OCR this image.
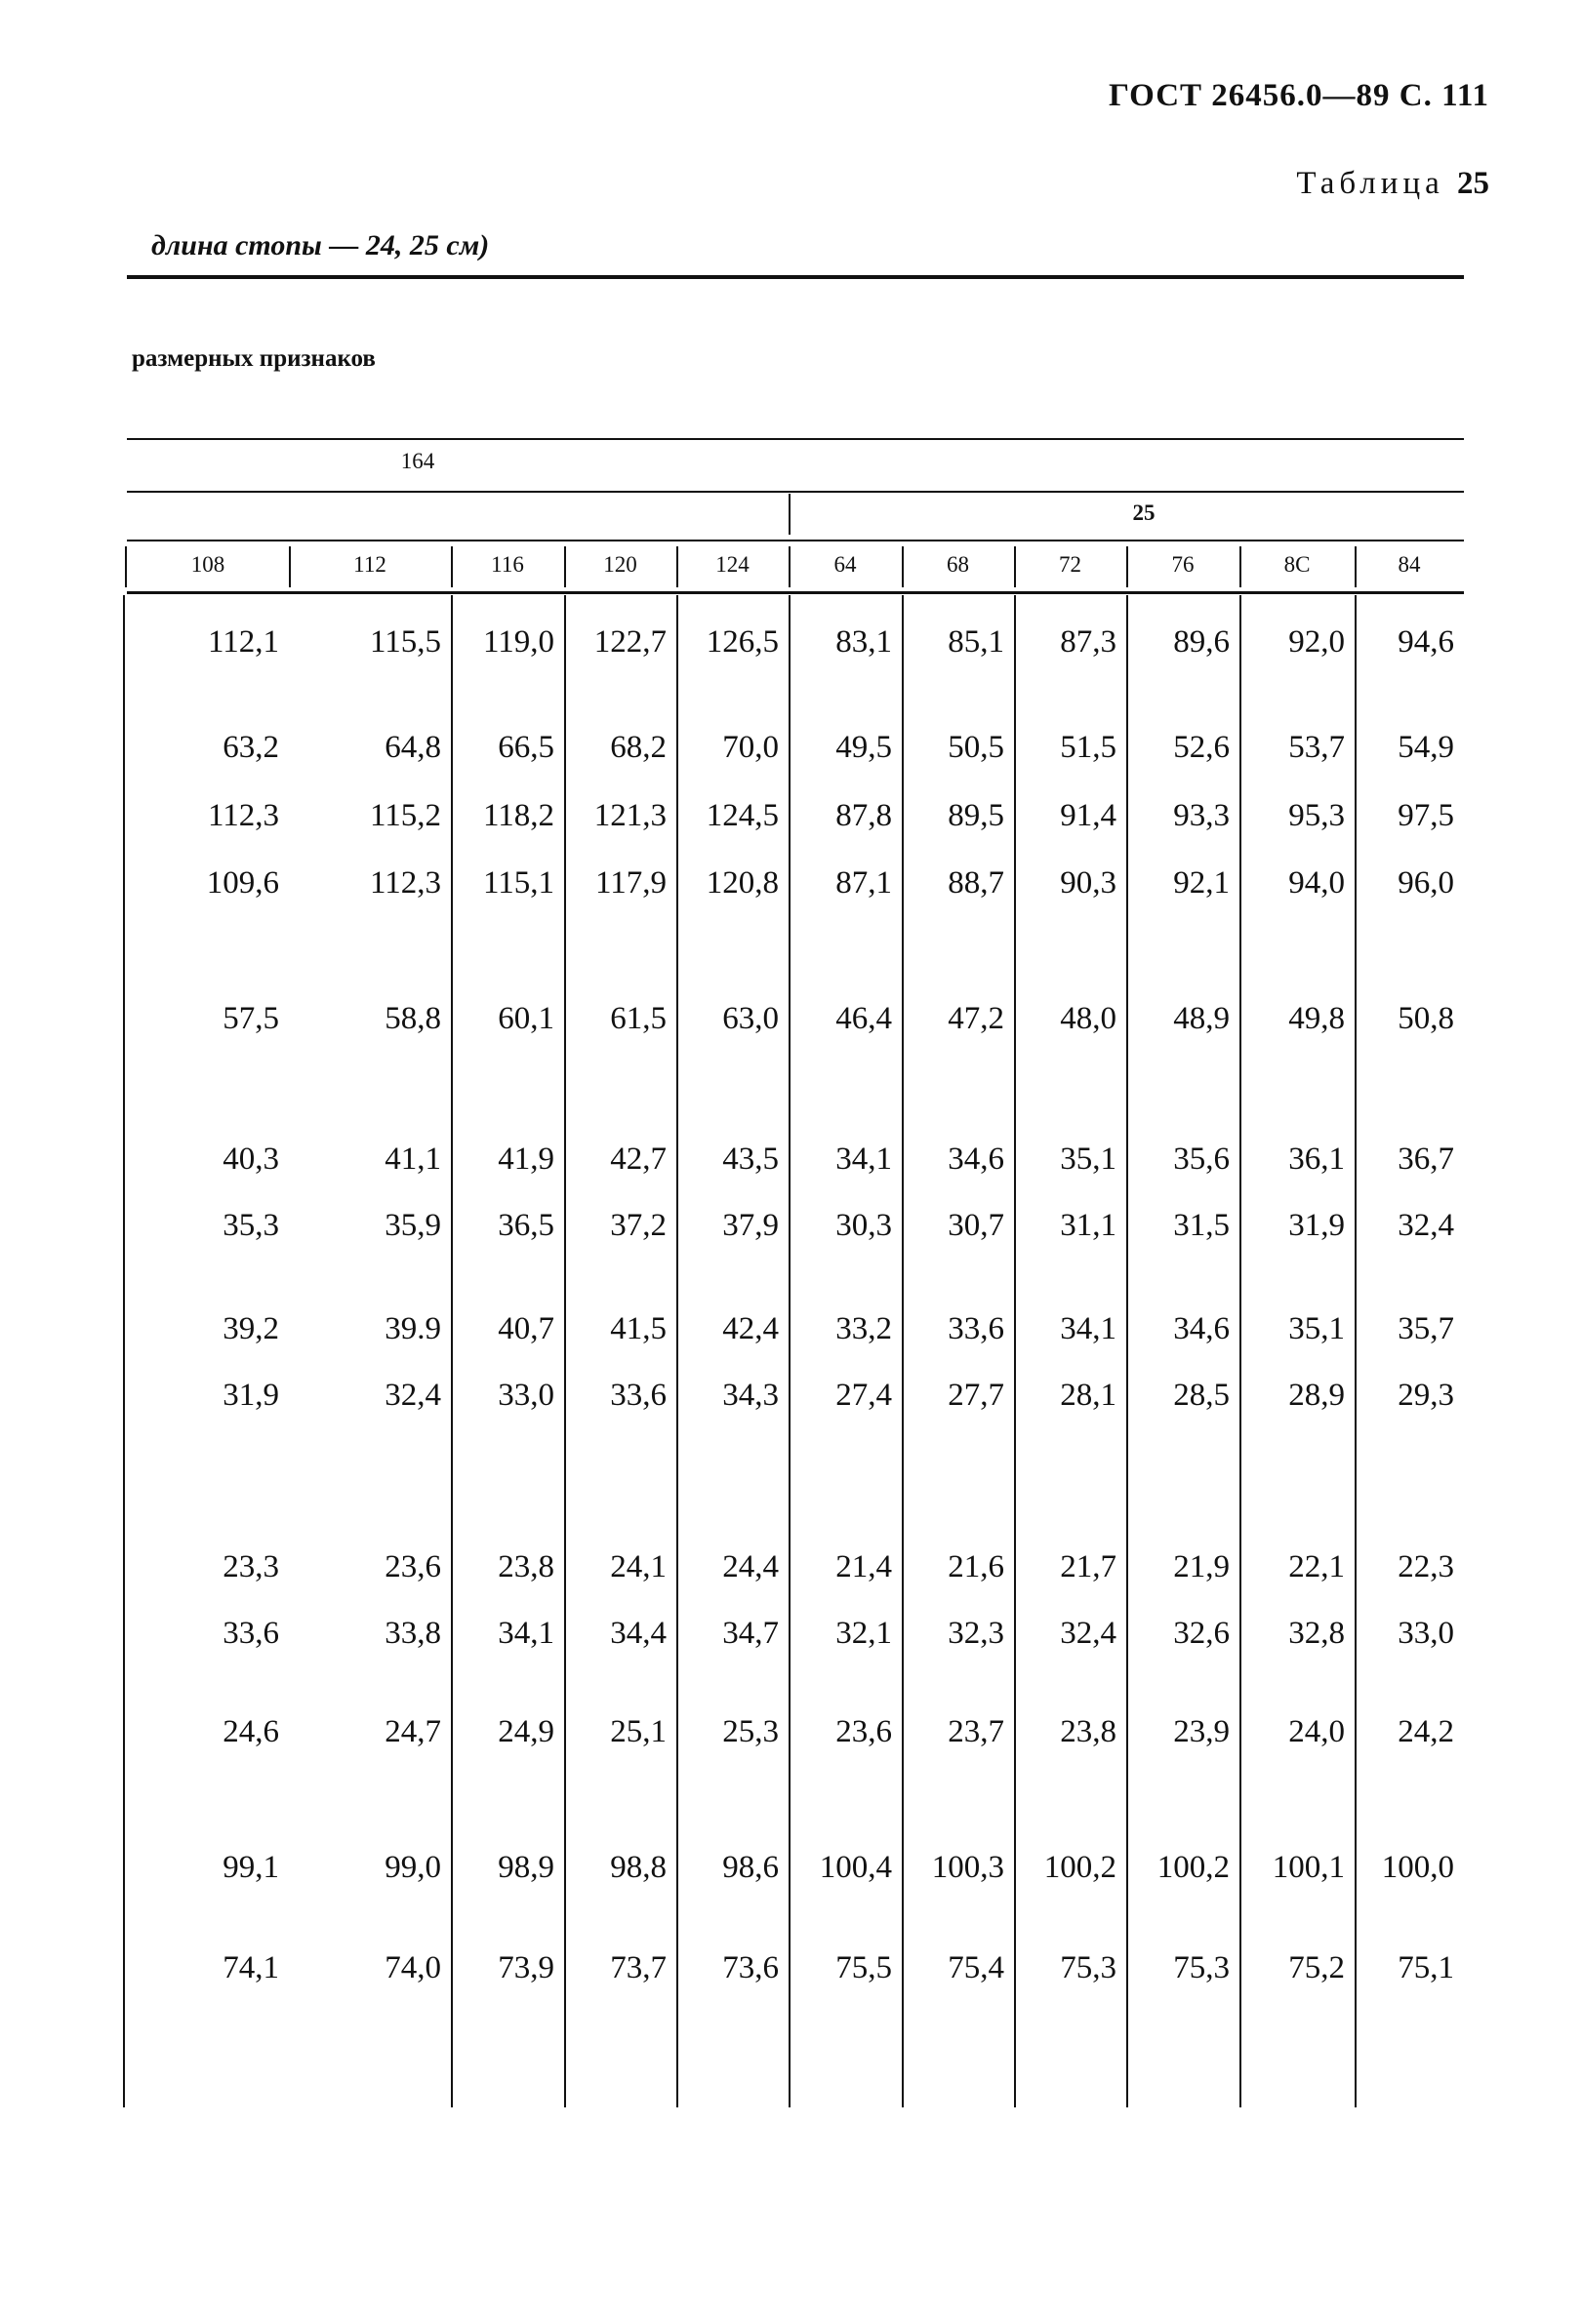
ГОСТ 26456.0—89 С. 111
Таблица 25
длина стопы — 24, 25 см)
размерных признаков
164
25
108	112	116	120	124	64	68	72	76	8С	84
112,1	115,5	119,0	122,7	126,5	83,1	85,1	87,3	89,6	92,0	94,6
63,2	64,8	66,5	68,2	70,0	49,5	50,5	51,5	52,6	53,7	54,9
112,3	115,2	118,2	121,3	124,5	87,8	89,5	91,4	93,3	95,3	97,5
109,6	112,3	115,1	117,9	120,8	87,1	88,7	90,3	92,1	94,0	96,0
57,5	58,8	60,1	61,5	63,0	46,4	47,2	48,0	48,9	49,8	50,8
40,3	41,1	41,9	42,7	43,5	34,1	34,6	35,1	35,6	36,1	36,7
35,3	35,9	36,5	37,2	37,9	30,3	30,7	31,1	31,5	31,9	32,4
39,2	39.9	40,7	41,5	42,4	33,2	33,6	34,1	34,6	35,1	35,7
31,9	32,4	33,0	33,6	34,3	27,4	27,7	28,1	28,5	28,9	29,3
23,3	23,6	23,8	24,1	24,4	21,4	21,6	21,7	21,9	22,1	22,3
33,6	33,8	34,1	34,4	34,7	32,1	32,3	32,4	32,6	32,8	33,0
24,6	24,7	24,9	25,1	25,3	23,6	23,7	23,8	23,9	24,0	24,2
99,1	99,0	98,9	98,8	98,6	100,4	100,3	100,2	100,2	100,1	100,0
74,1	74,0	73,9	73,7	73,6	75,5	75,4	75,3	75,3	75,2	75,1
